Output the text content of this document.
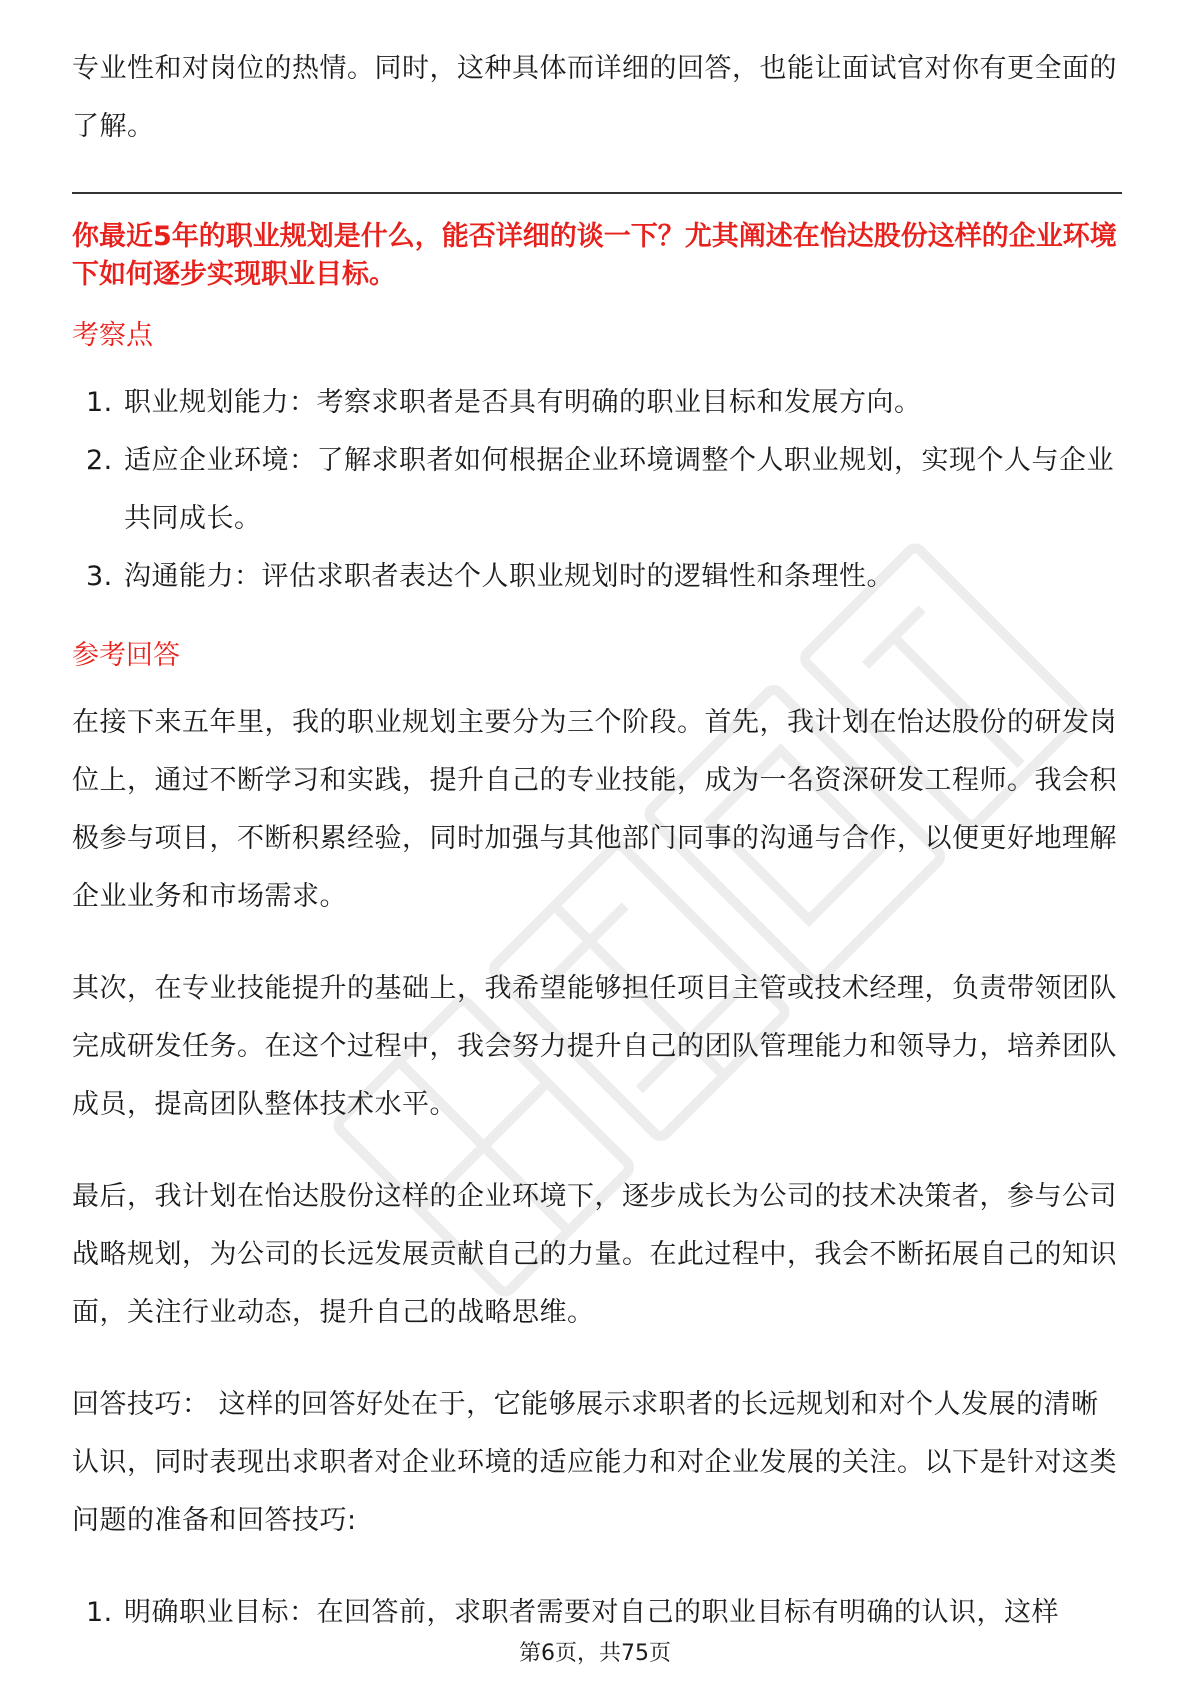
专业性和对岗位的热情。同时，这种具体而详细的回答，也能让面试官对你有更全面的了解。

你最近5年的职业规划是什么，能否详细的谈一下？尤其阐述在怡达股份这样的企业环境下如何逐步实现职业目标。

考察点
1. 职业规划能力：考察求职者是否具有明确的职业目标和发展方向。
2. 适应企业环境：了解求职者如何根据企业环境调整个人职业规划，实现个人与企业共同成长。
3. 沟通能力：评估求职者表达个人职业规划时的逻辑性和条理性。
参考回答

在接下来五年里，我的职业规划主要分为三个阶段。首先，我计划在怡达股份的研发岗位上，通过不断学习和实践，提升自己的专业技能，成为一名资深研发工程师。我会积极参与项目，不断积累经验，同时加强与其他部门同事的沟通与合作，以便更好地理解企业业务和市场需求。

其次，在专业技能提升的基础上，我希望能够担任项目主管或技术经理，负责带领团队完成研发任务。在这个过程中，我会努力提升自己的团队管理能力和领导力，培养团队成员，提高团队整体技术水平。

最后，我计划在怡达股份这样的企业环境下，逐步成长为公司的技术决策者，参与公司战略规划，为公司的长远发展贡献自己的力量。在此过程中，我会不断拓展自己的知识面，关注行业动态，提升自己的战略思维。

回答技巧： 这样的回答好处在于，它能够展示求职者的长远规划和对个人发展的清晰认识，同时表现出求职者对企业环境的适应能力和对企业发展的关注。以下是针对这类问题的准备和回答技巧:

1. 明确职业目标：在回答前，求职者需要对自己的职业目标有明确的认识，这样
第6页，共75页
